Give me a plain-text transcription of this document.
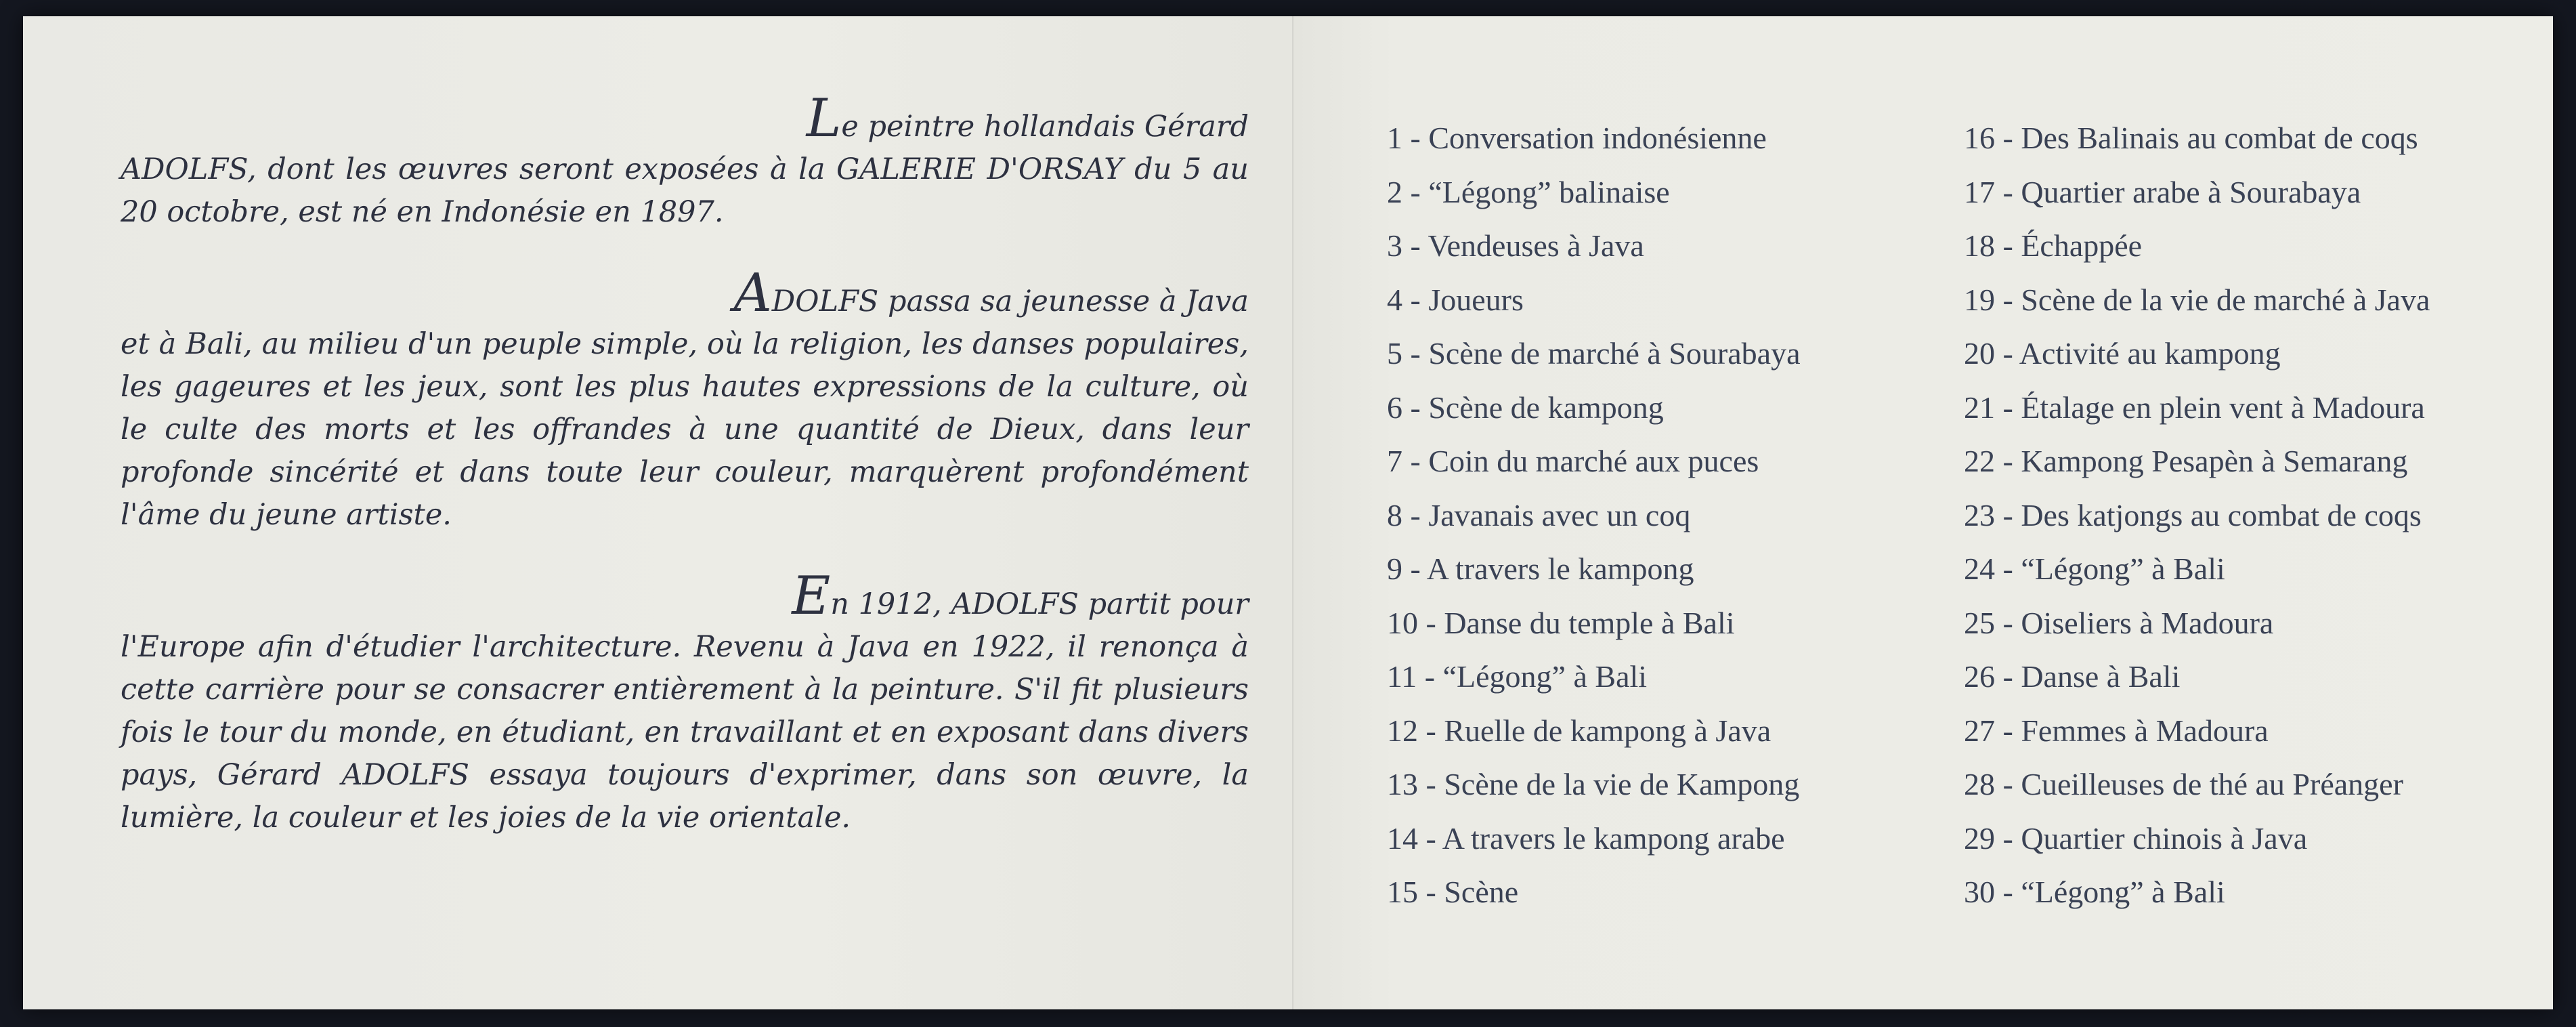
Le peintre hollandais Gérard
ADOLFS, dont les œuvres seront exposées à la GALERIE D'ORSAY du 5 au 20 octobre, est né en Indonésie en 1897.

ADOLFS passa sa jeunesse à Java
et à Bali, au milieu d'un peuple simple, où la religion, les danses populaires, les gageures et les jeux, sont les plus hautes expressions de la culture, où le culte des morts et les offrandes à une quantité de Dieux, dans leur profonde sincérité et dans toute leur couleur, marquèrent profondément l'âme du jeune artiste.

En 1912, ADOLFS partit pour
l'Europe afin d'étudier l'architecture. Revenu à Java en 1922, il renonça à cette carrière pour se consacrer entièrement à la peinture. S'il fit plusieurs fois le tour du monde, en étudiant, en travaillant et en exposant dans divers pays, Gérard ADOLFS essaya toujours d'exprimer, dans son œuvre, la lumière, la couleur et les joies de la vie orientale.

1 - Conversation indonésienne
2 - “Légong” balinaise
3 - Vendeuses à Java
4 - Joueurs
5 - Scène de marché à Sourabaya
6 - Scène de kampong
7 - Coin du marché aux puces
8 - Javanais avec un coq
9 - A travers le kampong
10 - Danse du temple à Bali
11 - “Légong” à Bali
12 - Ruelle de kampong à Java
13 - Scène de la vie de Kampong
14 - A travers le kampong arabe
15 - Scène
16 - Des Balinais au combat de coqs
17 - Quartier arabe à Sourabaya
18 - Échappée
19 - Scène de la vie de marché à Java
20 - Activité au kampong
21 - Étalage en plein vent à Madoura
22 - Kampong Pesapèn à Semarang
23 - Des katjongs au combat de coqs
24 - “Légong” à Bali
25 - Oiseliers à Madoura
26 - Danse à Bali
27 - Femmes à Madoura
28 - Cueilleuses de thé au Préanger
29 - Quartier chinois à Java
30 - “Légong” à Bali
